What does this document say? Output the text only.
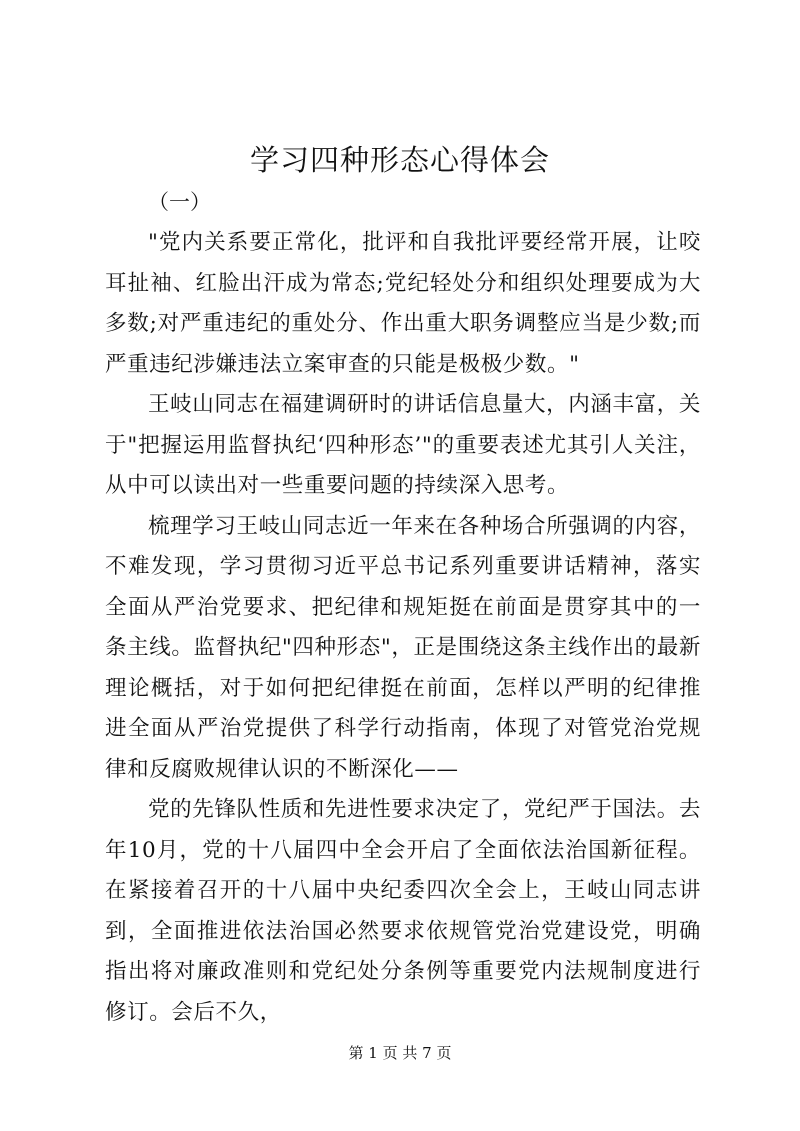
学习四种形态心得体会
（一）

"党内关系要正常化，批评和自我批评要经常开展，让咬耳扯袖、红脸出汗成为常态;党纪轻处分和组织处理要成为大多数;对严重违纪的重处分、作出重大职务调整应当是少数;而严重违纪涉嫌违法立案审查的只能是极极少数。"

王岐山同志在福建调研时的讲话信息量大，内涵丰富，关于"把握运用监督执纪‘四种形态’"的重要表述尤其引人关注，从中可以读出对一些重要问题的持续深入思考。

梳理学习王岐山同志近一年来在各种场合所强调的内容，不难发现，学习贯彻习近平总书记系列重要讲话精神，落实全面从严治党要求、把纪律和规矩挺在前面是贯穿其中的一条主线。监督执纪"四种形态"，正是围绕这条主线作出的最新理论概括，对于如何把纪律挺在前面，怎样以严明的纪律推进全面从严治党提供了科学行动指南，体现了对管党治党规律和反腐败规律认识的不断深化——

党的先锋队性质和先进性要求决定了，党纪严于国法。去年10月，党的十八届四中全会开启了全面依法治国新征程。在紧接着召开的十八届中央纪委四次全会上，王岐山同志讲到，全面推进依法治国必然要求依规管党治党建设党，明确指出将对廉政准则和党纪处分条例等重要党内法规制度进行修订。会后不久，

第 1 页 共 7 页
